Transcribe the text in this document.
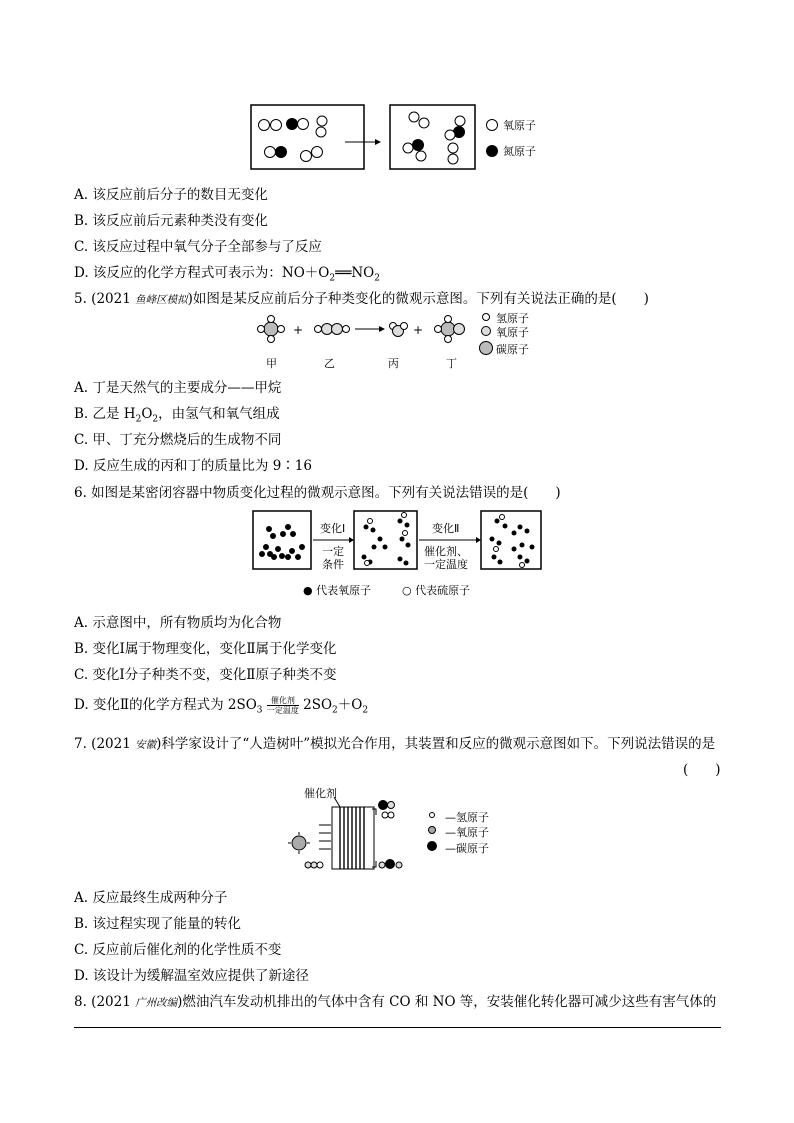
氧原子
氮原子
A. 该反应前后分子的数目无变化
B. 该反应前后元素种类没有变化
C. 该反应过程中氧气分子全部参与了反应
D. 该反应的化学方程式可表示为：$NO+O_2══NO_2$
5. (2021 鱼峰区模拟)如图是某反应前后分子种类变化的微观示意图。下列有关说法正确的是(　　)
+	+
氢原子
氧原子
碳原子
甲	乙	丙	丁
A. 丁是天然气的主要成分——甲烷
B. 乙是 $H_2O_2$，由氢气和氧气组成
C. 甲、丁充分燃烧后的生成物不同
D. 反应生成的丙和丁的质量比为 9∶16
6. 如图是某密闭容器中物质变化过程的微观示意图。下列有关说法错误的是(　　)
变化Ⅰ
一定
条件
变化Ⅱ
催化剂、
一定温度
● 代表氧原子	○ 代表硫原子
A. 示意图中，所有物质均为化合物
B. 变化Ⅰ属于物理变化，变化Ⅱ属于化学变化
C. 变化Ⅰ分子种类不变，变化Ⅱ原子种类不变
D. 变化Ⅱ的化学方程式为 $2SO_3 \frac{\text{催化剂}}{\text{一定温度}} 2SO_2+O_2$
7. (2021 安徽)科学家设计了“人造树叶”模拟光合作用，其装置和反应的微观示意图如下。下列说法错误的是
(　　)
催化剂
—氢原子
—氧原子
—碳原子
A. 反应最终生成两种分子
B. 该过程实现了能量的转化
C. 反应前后催化剂的化学性质不变
D. 该设计为缓解温室效应提供了新途径
8. (2021 广州改编)燃油汽车发动机排出的气体中含有 CO 和 NO 等，安装催化转化器可减少这些有害气体的
